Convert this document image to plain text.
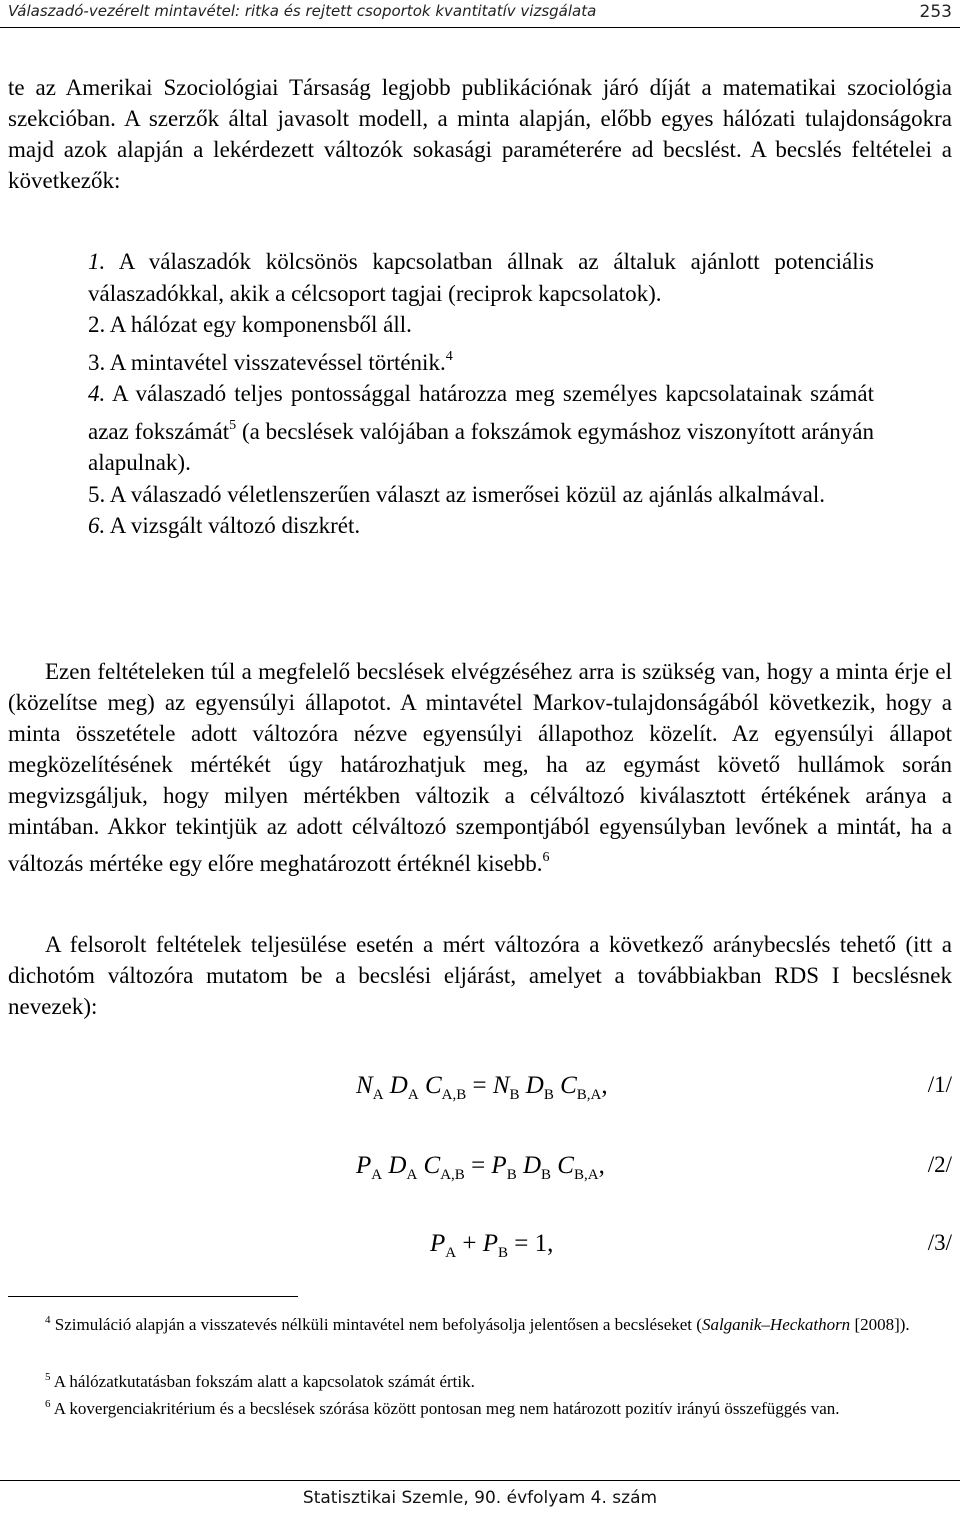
Válaszadó-vezérelt mintavétel: ritka és rejtett csoportok kvantitatív vizsgálata	253
te az Amerikai Szociológiai Társaság legjobb publikációnak járó díját a matematikai szociológia szekcióban. A szerzők által javasolt modell, a minta alapján, előbb egyes hálózati tulajdonságokra majd azok alapján a lekérdezett változók sokasági paraméterére ad becslést. A becslés feltételei a következők:
1. A válaszadók kölcsönös kapcsolatban állnak az általuk ajánlott potenciális válaszadókkal, akik a célcsoport tagjai (reciprok kapcsolatok).
2. A hálózat egy komponensből áll.
3. A mintavétel visszatevéssel történik.$^4$
4. A válaszadó teljes pontossággal határozza meg személyes kapcsolatainak számát azaz fokszámát$^5$ (a becslések valójában a fokszámok egymáshoz viszonyított arányán alapulnak).
5. A válaszadó véletlenszerűen választ az ismerősei közül az ajánlás alkalmával.
6. A vizsgált változó diszkrét.
Ezen feltételeken túl a megfelelő becslések elvégzéséhez arra is szükség van, hogy a minta érje el (közelítse meg) az egyensúlyi állapotot. A mintavétel Markov-tulajdonságából következik, hogy a minta összetétele adott változóra nézve egyensúlyi állapothoz közelít. Az egyensúlyi állapot megközelítésének mértékét úgy határozhatjuk meg, ha az egymást követő hullámok során megvizsgáljuk, hogy milyen mértékben változik a célváltozó kiválasztott értékének aránya a mintában. Akkor tekintjük az adott célváltozó szempontjából egyensúlyban levőnek a mintát, ha a változás mértéke egy előre meghatározott értéknél kisebb.$^6$
A felsorolt feltételek teljesülése esetén a mért változóra a következő aránybecslés tehető (itt a dichotóm változóra mutatom be a becslési eljárást, amelyet a továbbiakban RDS I becslésnek nevezek):
$N_A$ $D_A$ $C_{A,B} = N_B$ $D_B$ $C_{B,A}$,	/1/
$P_A$ $D_A$ $C_{A,B} = P_B$ $D_B$ $C_{B,A}$,	/2/
$P_A + P_B = 1$,	/3/
$^4$ Szimuláció alapján a visszatevés nélküli mintavétel nem befolyásolja jelentősen a becsléseket (Salganik–Heckathorn [2008]).
$^5$ A hálózatkutatásban fokszám alatt a kapcsolatok számát értik.
$^6$ A kovergenciakritérium és a becslések szórása között pontosan meg nem határozott pozitív irányú összefüggés van.
Statisztikai Szemle, 90. évfolyam 4. szám
